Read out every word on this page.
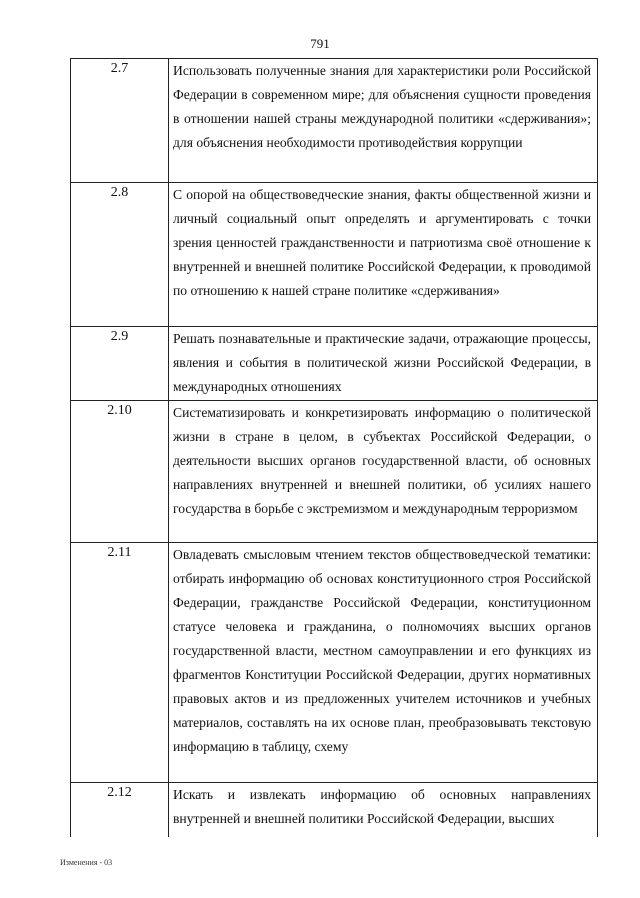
791
2.7	Использовать полученные знания для характеристики роли Российской Федерации в современном мире; для объяснения сущности проведения в отношении нашей страны международной политики «сдерживания»; для объяснения необходимости противодействия коррупции
2.8	С опорой на обществоведческие знания, факты общественной жизни и личный социальный опыт определять и аргументировать с точки зрения ценностей гражданственности и патриотизма своё отношение к внутренней и внешней политике Российской Федерации, к проводимой по отношению к нашей стране политике «сдерживания»
2.9	Решать познавательные и практические задачи, отражающие процессы, явления и события в политической жизни Российской Федерации, в международных отношениях
2.10	Систематизировать и конкретизировать информацию о политической жизни в стране в целом, в субъектах Российской Федерации, о деятельности высших органов государственной власти, об основных направлениях внутренней и внешней политики, об усилиях нашего государства в борьбе с экстремизмом и международным терроризмом
2.11	Овладевать смысловым чтением текстов обществоведческой тематики: отбирать информацию об основах конституционного строя Российской Федерации, гражданстве Российской Федерации, конституционном статусе человека и гражданина, о полномочиях высших органов государственной власти, местном самоуправлении и его функциях из фрагментов Конституции Российской Федерации, других нормативных правовых актов и из предложенных учителем источников и учебных материалов, составлять на их основе план, преобразовывать текстовую информацию в таблицу, схему
2.12	Искать и извлекать информацию об основных направлениях внутренней и внешней политики Российской Федерации, высших
Изменения - 03
